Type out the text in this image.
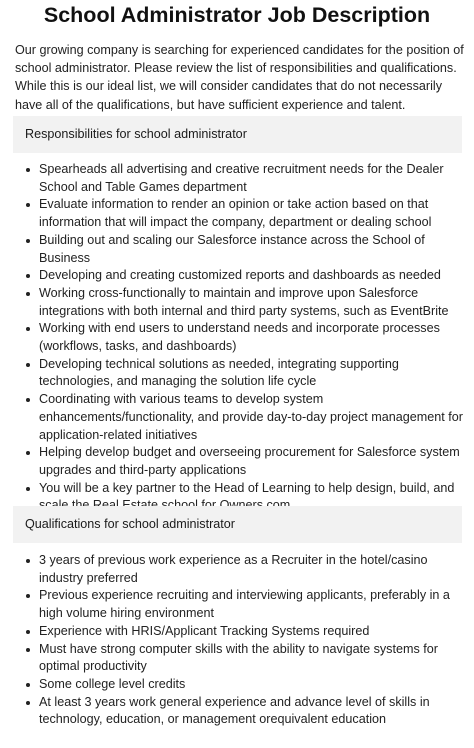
School Administrator Job Description

Our growing company is searching for experienced candidates for the position of school administrator. Please review the list of responsibilities and qualifications. While this is our ideal list, we will consider candidates that do not necessarily have all of the qualifications, but have sufficient experience and talent.

Responsibilities for school administrator
Spearheads all advertising and creative recruitment needs for the Dealer School and Table Games department
Evaluate information to render an opinion or take action based on that information that will impact the company, department or dealing school
Building out and scaling our Salesforce instance across the School of Business
Developing and creating customized reports and dashboards as needed
Working cross-functionally to maintain and improve upon Salesforce integrations with both internal and third party systems, such as EventBrite
Working with end users to understand needs and incorporate processes (workflows, tasks, and dashboards)
Developing technical solutions as needed, integrating supporting technologies, and managing the solution life cycle
Coordinating with various teams to develop system enhancements/functionality, and provide day-to-day project management for application-related initiatives
Helping develop budget and overseeing procurement for Salesforce system upgrades and third-party applications
You will be a key partner to the Head of Learning to help design, build, and
Qualifications for school administrator
3 years of previous work experience as a Recruiter in the hotel/casino industry preferred
Previous experience recruiting and interviewing applicants, preferably in a high volume hiring environment
Experience with HRIS/Applicant Tracking Systems required
Must have strong computer skills with the ability to navigate systems for optimal productivity
Some college level credits
At least 3 years work general experience and advance level of skills in technology, education, or management orequivalent education
